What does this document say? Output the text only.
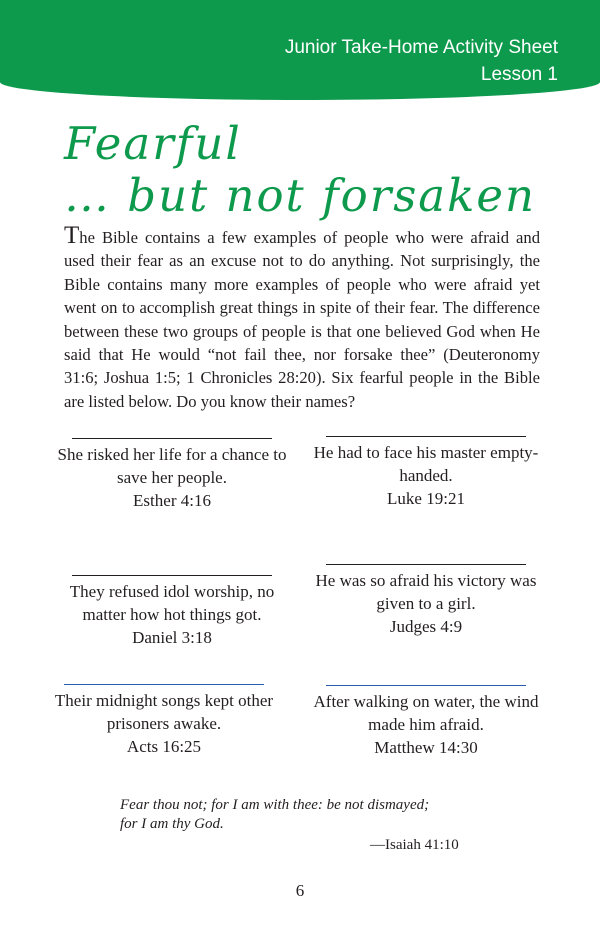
Junior Take-Home Activity Sheet
Lesson 1
Fearful
… but not forsaken

The Bible contains a few examples of people who were afraid and used their fear as an excuse not to do anything. Not surprisingly, the Bible contains many more examples of people who were afraid yet went on to accomplish great things in spite of their fear. The difference between these two groups of people is that one believed God when He said that He would “not fail thee, nor forsake thee” (Deuteronomy 31:6; Joshua 1:5; 1 Chronicles 28:20). Six fearful people in the Bible are listed below. Do you know their names?

She risked her life for a chance to save her people.
Esther 4:16
He had to face his master empty-handed.
Luke 19:21
They refused idol worship, no matter how hot things got.
Daniel 3:18
He was so afraid his victory was given to a girl.
Judges 4:9
Their midnight songs kept other prisoners awake.
Acts 16:25
After walking on water, the wind made him afraid.
Matthew 14:30

Fear thou not; for I am with thee: be not dismayed;
for I am thy God.

—Isaiah 41:10
6
